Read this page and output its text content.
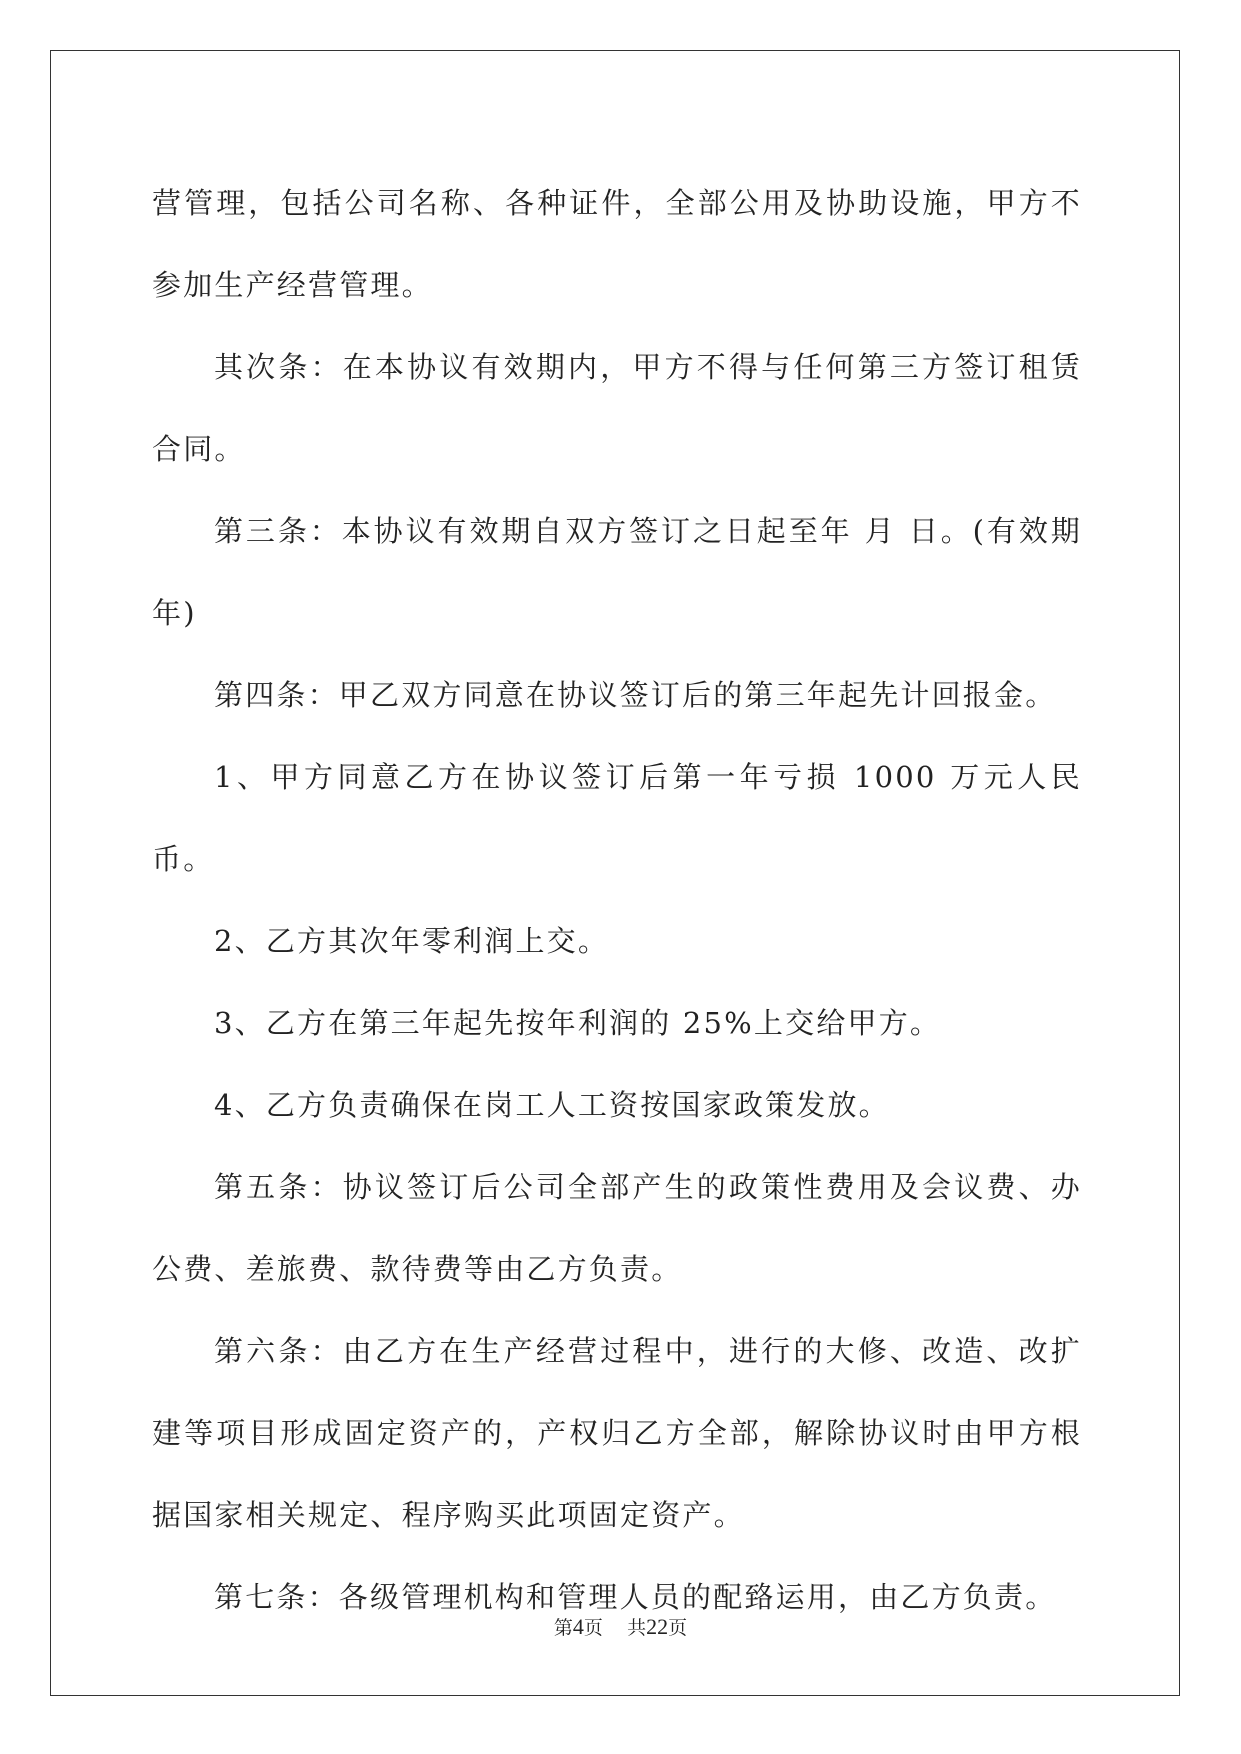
营管理，包括公司名称、各种证件，全部公用及协助设施，甲方不参加生产经营管理。

其次条：在本协议有效期内，甲方不得与任何第三方签订租赁合同。

第三条：本协议有效期自双方签订之日起至年 月 日。(有效期年)

第四条：甲乙双方同意在协议签订后的第三年起先计回报金。

1、甲方同意乙方在协议签订后第一年亏损 1000 万元人民币。

2、乙方其次年零利润上交。

3、乙方在第三年起先按年利润的 25%上交给甲方。

4、乙方负责确保在岗工人工资按国家政策发放。

第五条：协议签订后公司全部产生的政策性费用及会议费、办公费、差旅费、款待费等由乙方负责。

第六条：由乙方在生产经营过程中，进行的大修、改造、改扩建等项目形成固定资产的，产权归乙方全部，解除协议时由甲方根据国家相关规定、程序购买此项固定资产。

第七条：各级管理机构和管理人员的配臵运用，由乙方负责。

第4页 共22页
